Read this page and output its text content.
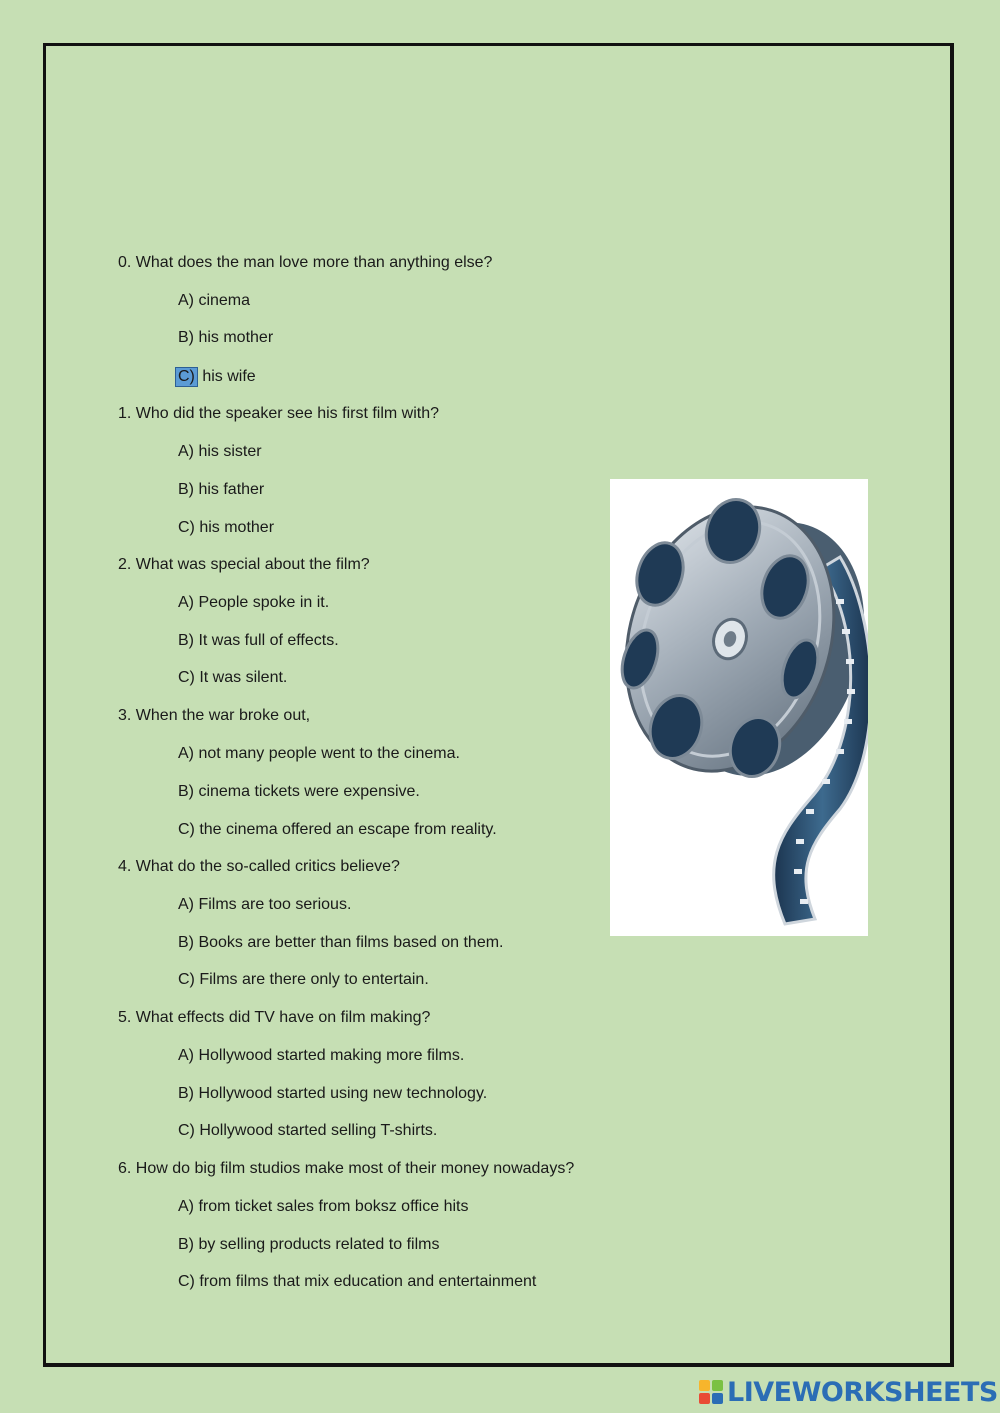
0. What does the man love more than anything else?
A) cinema
B) his mother
C) his wife
1. Who did the speaker see his first film with?
A) his sister
B) his father
C) his mother
2. What was special about the film?
A) People spoke in it.
B) It was full of effects.
C) It was silent.
3. When the war broke out,
A) not many people went to the cinema.
B) cinema tickets were expensive.
C) the cinema offered an escape from reality.
4. What do the so-called critics believe?
A) Films are too serious.
B) Books are better than films based on them.
C) Films are there only to entertain.
5. What effects did TV have on film making?
A) Hollywood started making more films.
B) Hollywood started using new technology.
C) Hollywood started selling T-shirts.
6. How do big film studios make most of their money nowadays?
A) from ticket sales from boksz office hits
B) by selling products related to films
C) from films that mix education and entertainment
LIVEWORKSHEETS
